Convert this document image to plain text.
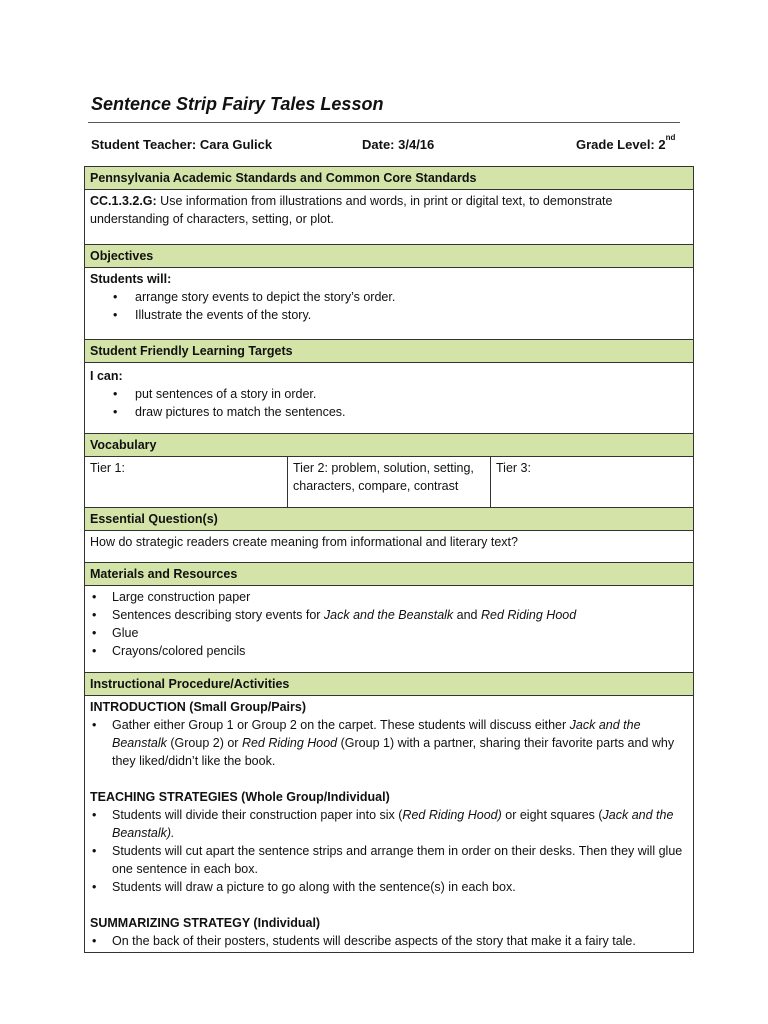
Sentence Strip Fairy Tales Lesson
Student Teacher: Cara Gulick	Date: 3/4/16	Grade Level: 2nd
Pennsylvania Academic Standards and Common Core Standards
CC.1.3.2.G: Use information from illustrations and words, in print or digital text, to demonstrate understanding of characters, setting, or plot.
Objectives

Students will:
• arrange story events to depict the story’s order.
• Illustrate the events of the story.

Student Friendly Learning Targets

I can:
• put sentences of a story in order.
• draw pictures to match the sentences.

Vocabulary
Tier 1:	Tier 2: problem, solution, setting, characters, compare, contrast	Tier 3:
Essential Question(s)
How do strategic readers create meaning from informational and literary text?
Materials and Resources

• Large construction paper
• Sentences describing story events for Jack and the Beanstalk and Red Riding Hood
• Glue
• Crayons/colored pencils

Instructional Procedure/Activities

INTRODUCTION (Small Group/Pairs)
• Gather either Group 1 or Group 2 on the carpet. These students will discuss either Jack and the Beanstalk (Group 2) or Red Riding Hood (Group 1) with a partner, sharing their favorite parts and why they liked/didn’t like the book.
TEACHING STRATEGIES (Whole Group/Individual)
• Students will divide their construction paper into six (Red Riding Hood) or eight squares (Jack and the Beanstalk).
• Students will cut apart the sentence strips and arrange them in order on their desks. Then they will glue one sentence in each box.
• Students will draw a picture to go along with the sentence(s) in each box.
SUMMARIZING STRATEGY (Individual)
• On the back of their posters, students will describe aspects of the story that make it a fairy tale.
